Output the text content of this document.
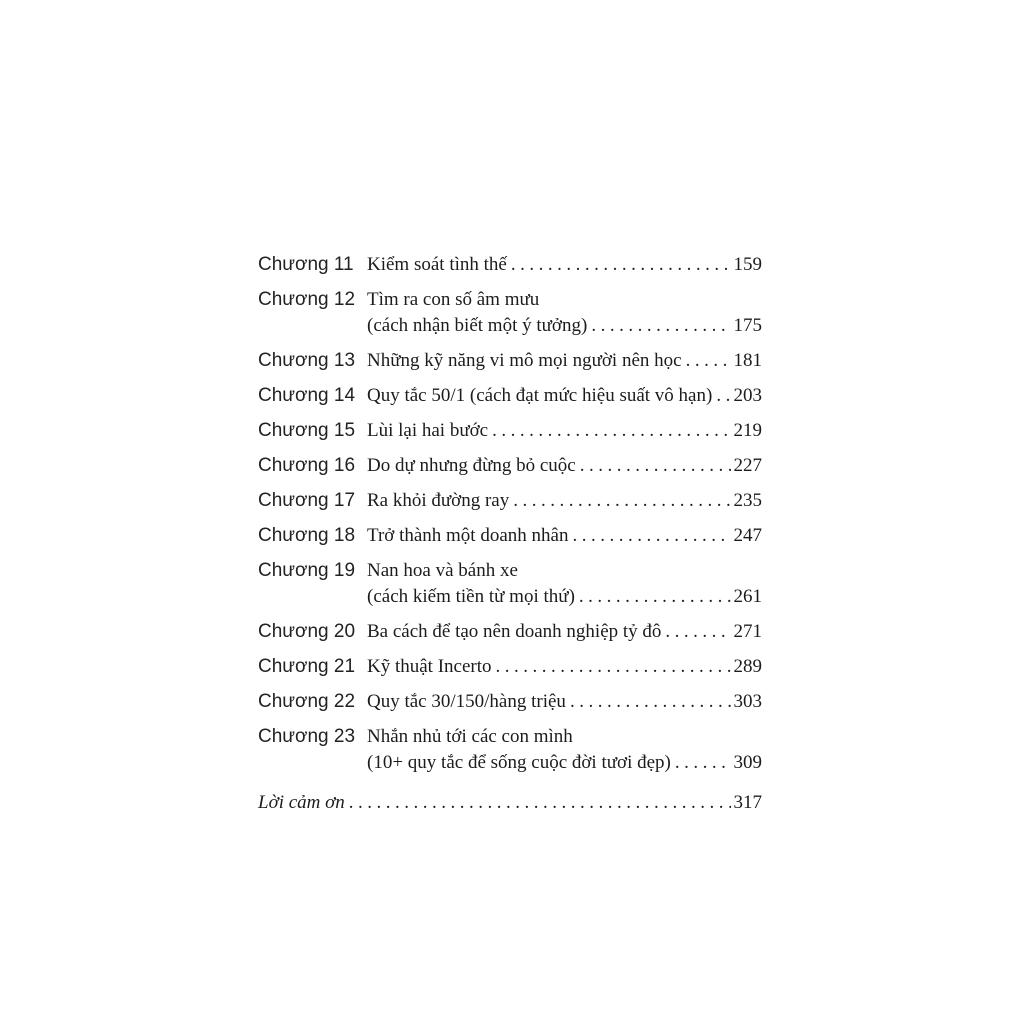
Chương 11 Kiểm soát tình thế .....	159
Chương 12 Tìm ra con số âm mưu
(cách nhận biết một ý tưởng) .....	175
Chương 13 Những kỹ năng vi mô mọi người nên học .....	181
Chương 14 Quy tắc 50/1 (cách đạt mức hiệu suất vô hạn) ..... 203
Chương 15 Lùi lại hai bước .....	219
Chương 16 Do dự nhưng đừng bỏ cuộc .....	227
Chương 17 Ra khỏi đường ray .....	235
Chương 18 Trở thành một doanh nhân .....	247
Chương 19 Nan hoa và bánh xe
(cách kiếm tiền từ mọi thứ) .....	261
Chương 20 Ba cách để tạo nên doanh nghiệp tỷ đô .....	271
Chương 21 Kỹ thuật Incerto .....	289
Chương 22 Quy tắc 30/150/hàng triệu .....	303
Chương 23 Nhắn nhủ tới các con mình
(10+ quy tắc để sống cuộc đời tươi đẹp) .....	309
Lời cảm ơn .....	317
